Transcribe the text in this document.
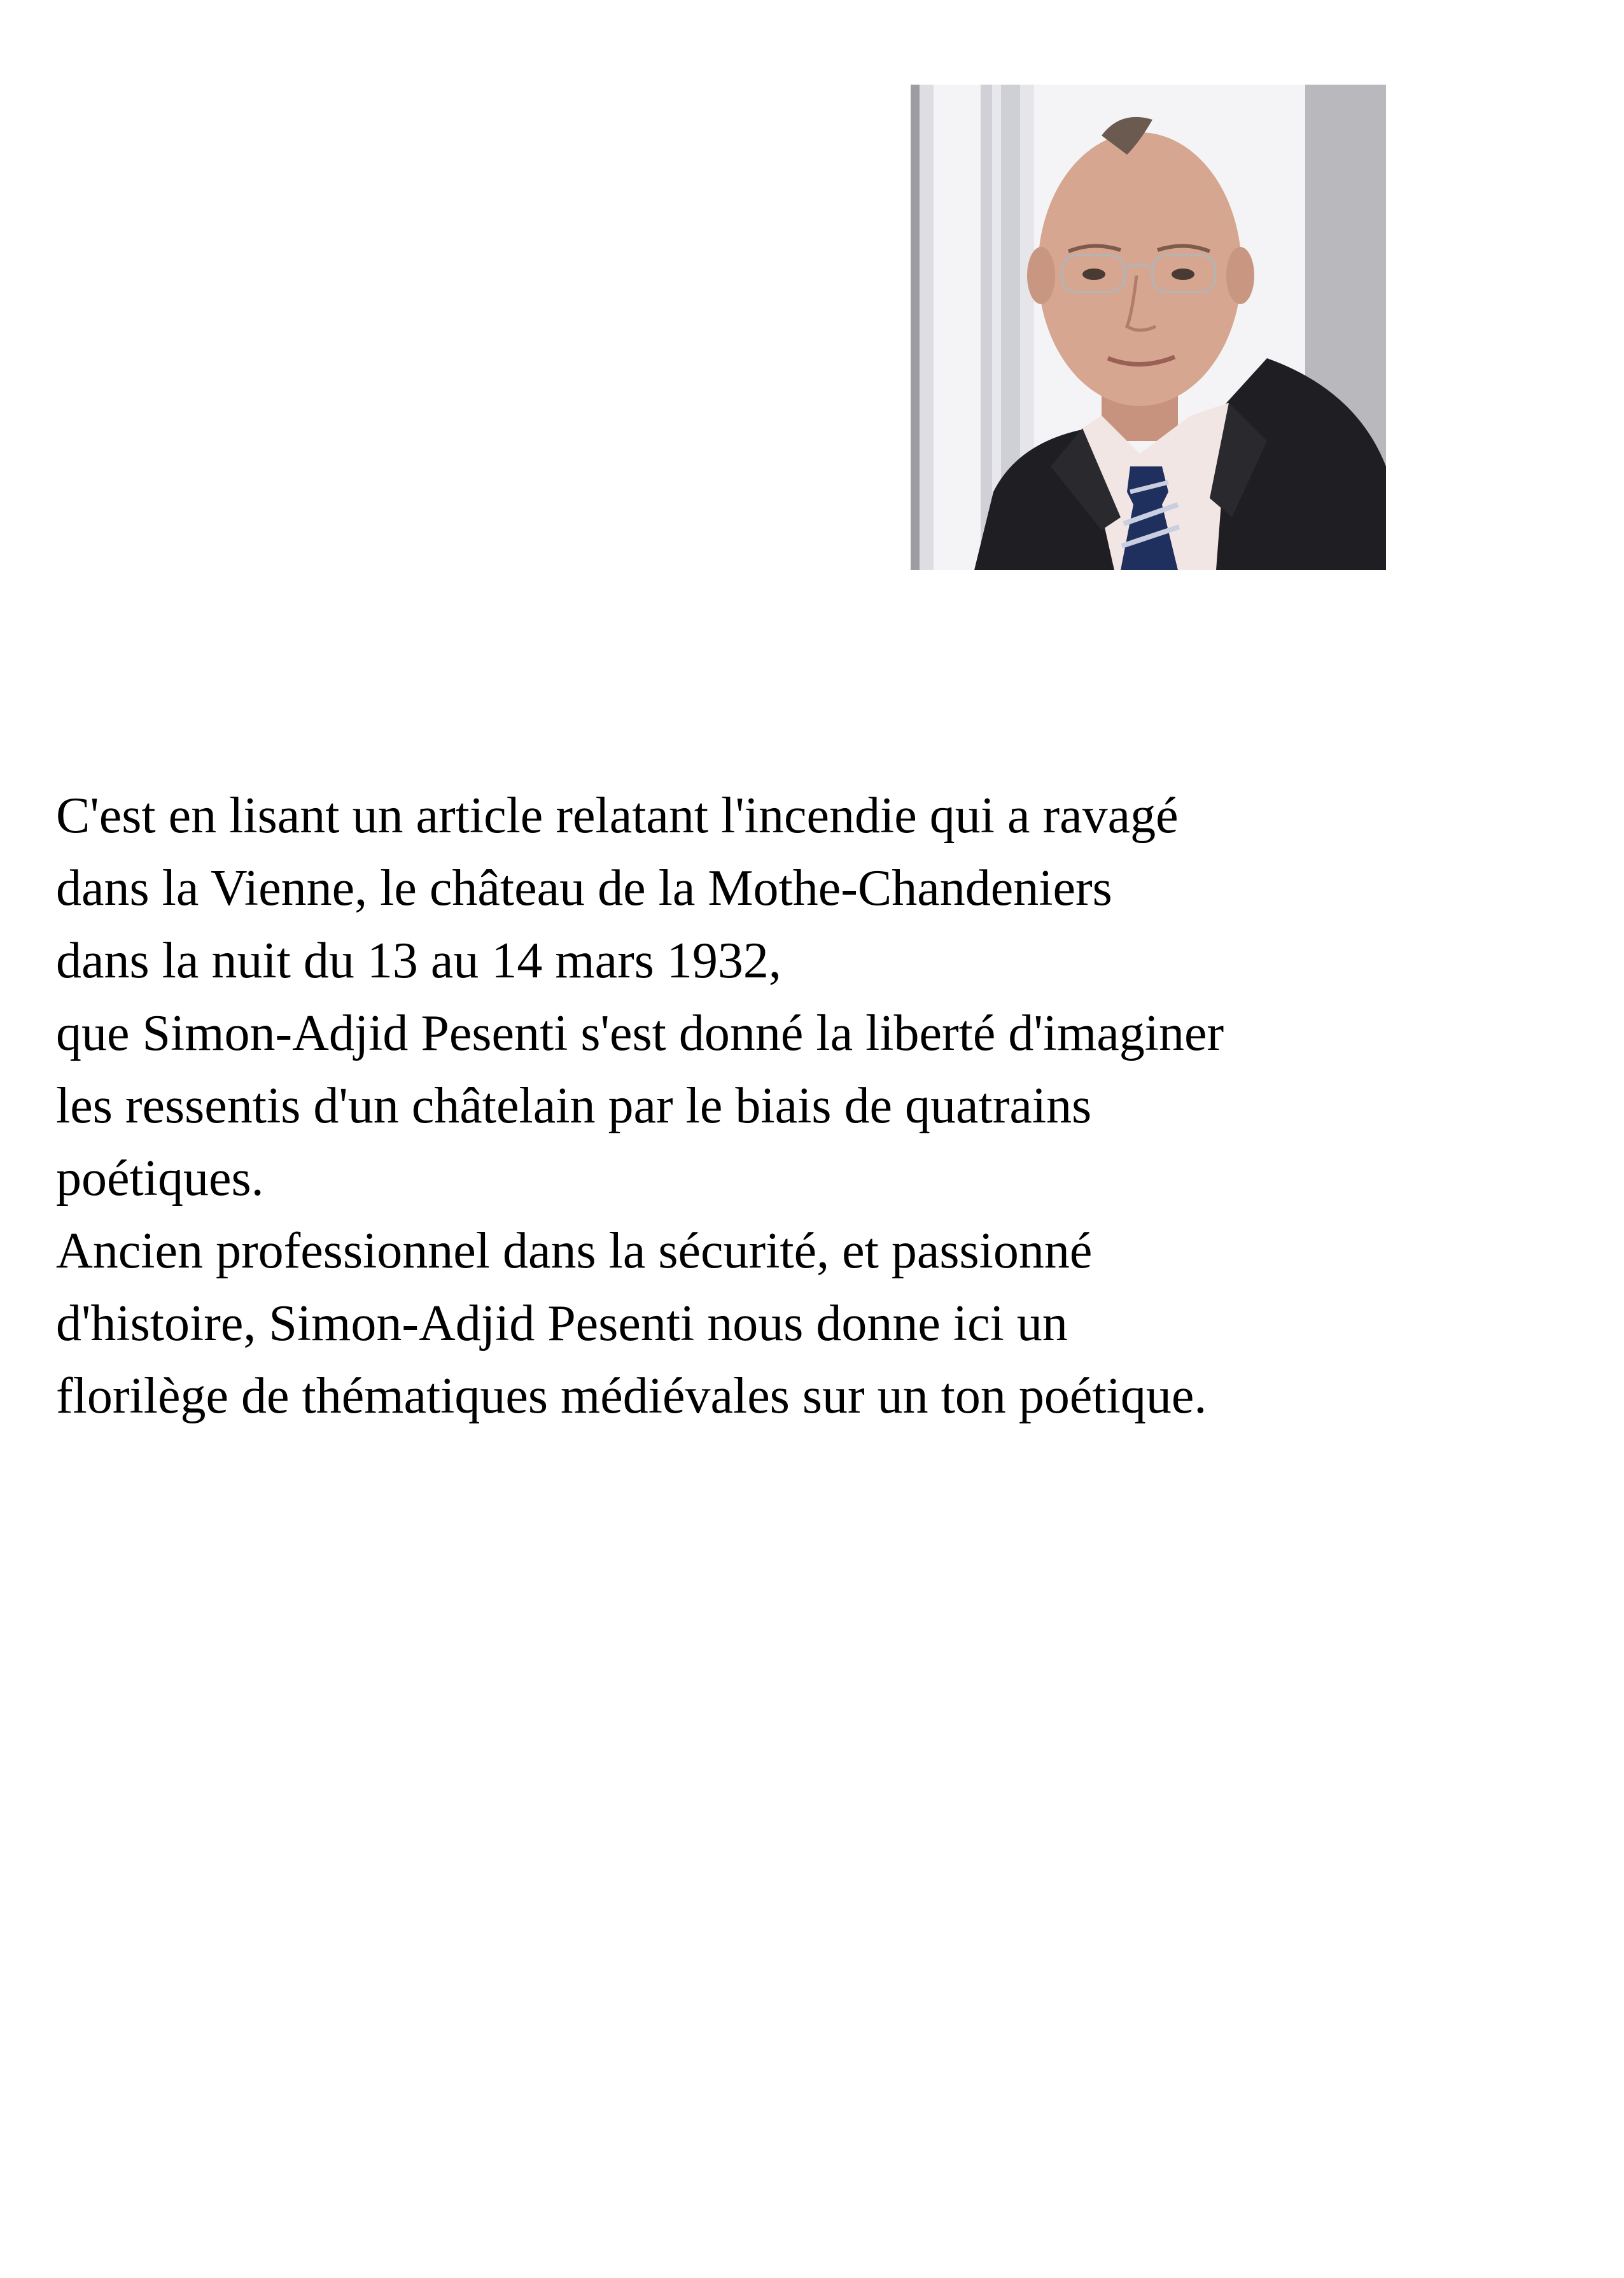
C'est en lisant un article relatant l'incendie qui a ravagé
dans la Vienne, le château de la Mothe-Chandeniers
dans la nuit du 13 au 14 mars 1932,
que Simon-Adjid Pesenti s'est donné la liberté d'imaginer
les ressentis d'un châtelain par le biais de quatrains
poétiques.
Ancien professionnel dans la sécurité, et passionné
d'histoire, Simon-Adjid Pesenti nous donne ici un
florilège de thématiques médiévales sur un ton poétique.
